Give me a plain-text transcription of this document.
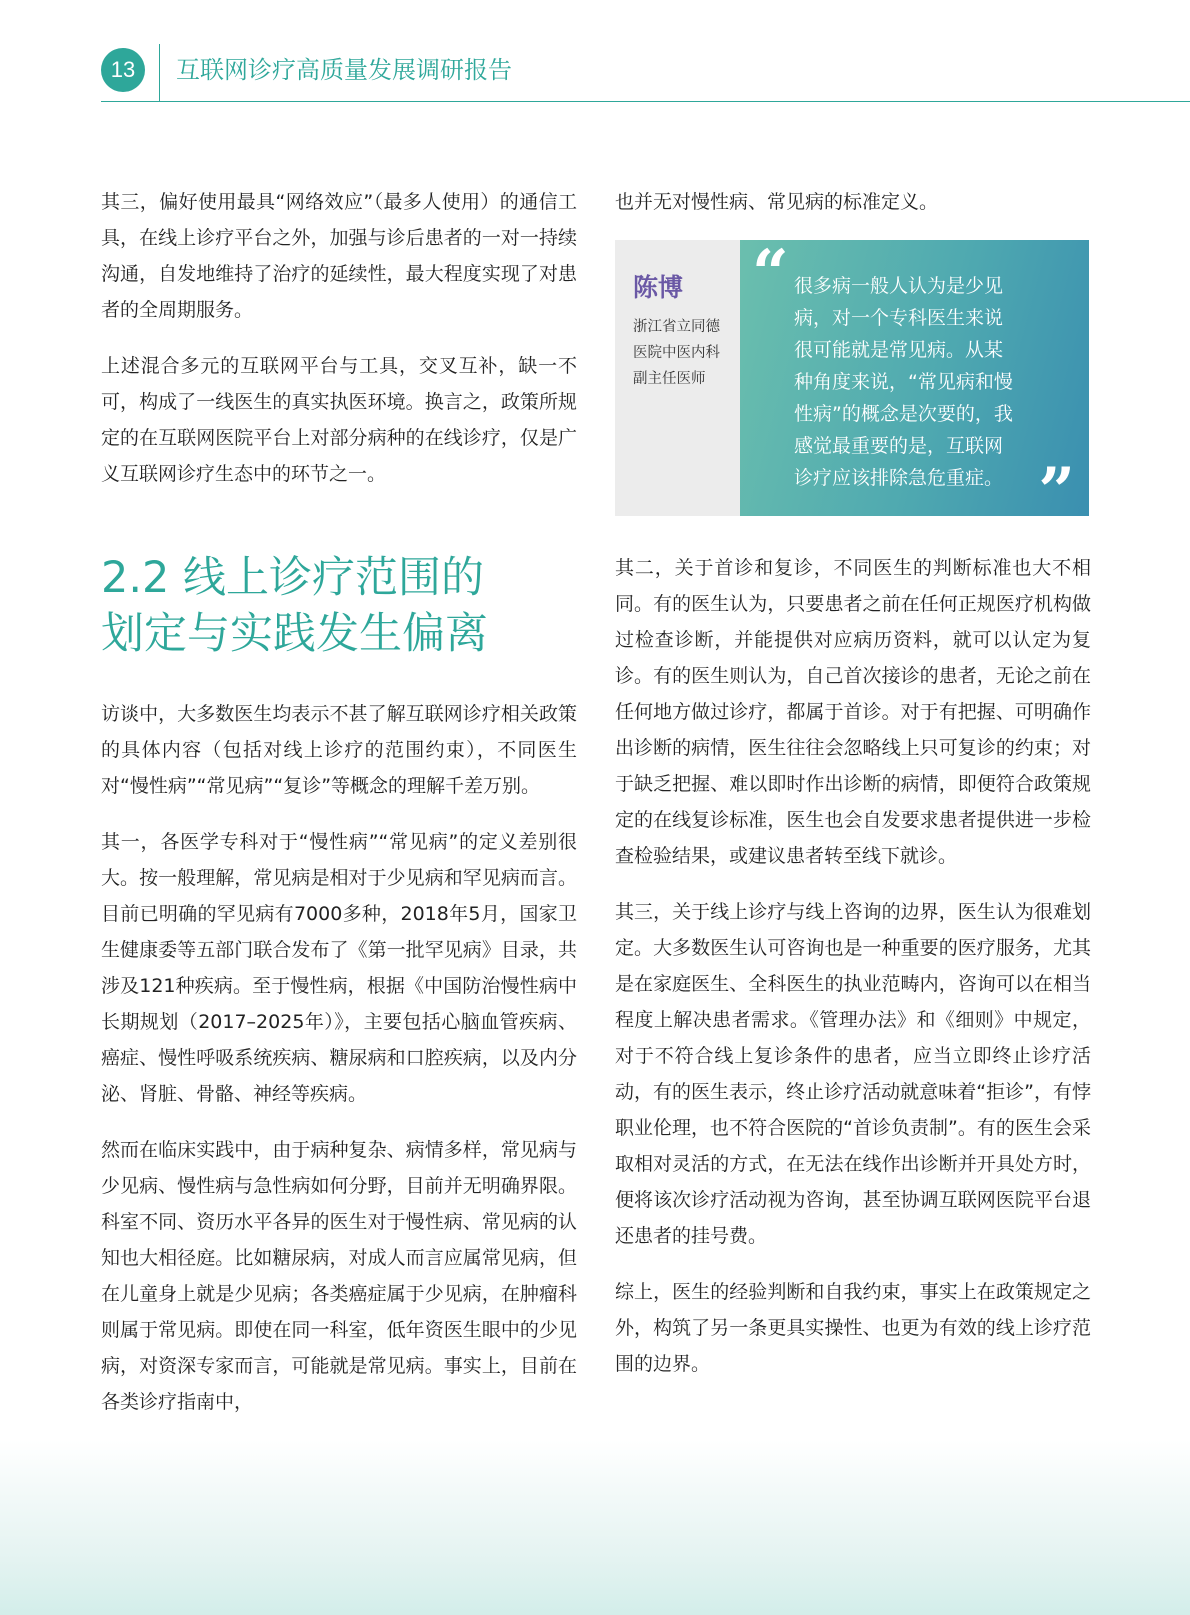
13	互联网诊疗高质量发展调研报告

其三，偏好使用最具“网络效应”（最多人使用）的通信工具，在线上诊疗平台之外，加强与诊后患者的一对一持续沟通，自发地维持了治疗的延续性，最大程度实现了对患者的全周期服务。

上述混合多元的互联网平台与工具，交叉互补，缺一不可，构成了一线医生的真实执医环境。换言之，政策所规定的在互联网医院平台上对部分病种的在线诊疗，仅是广义互联网诊疗生态中的环节之一。

2.2 线上诊疗范围的
划定与实践发生偏离

访谈中，大多数医生均表示不甚了解互联网诊疗相关政策的具体内容（包括对线上诊疗的范围约束），不同医生对“慢性病”“常见病”“复诊”等概念的理解千差万别。

其一，各医学专科对于“慢性病”“常见病”的定义差别很大。按一般理解，常见病是相对于少见病和罕见病而言。目前已明确的罕见病有7000多种，2018年5月，国家卫生健康委等五部门联合发布了《第一批罕见病》目录，共涉及121种疾病。至于慢性病，根据《中国防治慢性病中长期规划（2017–2025年）》，主要包括心脑血管疾病、癌症、慢性呼吸系统疾病、糖尿病和口腔疾病，以及内分泌、肾脏、骨骼、神经等疾病。

然而在临床实践中，由于病种复杂、病情多样，常见病与少见病、慢性病与急性病如何分野，目前并无明确界限。科室不同、资历水平各异的医生对于慢性病、常见病的认知也大相径庭。比如糖尿病，对成人而言应属常见病，但在儿童身上就是少见病；各类癌症属于少见病，在肿瘤科则属于常见病。即使在同一科室，低年资医生眼中的少见病，对资深专家而言，可能就是常见病。事实上，目前在各类诊疗指南中，

也并无对慢性病、常见病的标准定义。

陈博
浙江省立同德
医院中医内科
副主任医师
“ 很多病一般人认为是少见
病，对一个专科医生来说
很可能就是常见病。从某
种角度来说，“常见病和慢
性病”的概念是次要的，我
感觉最重要的是，互联网
诊疗应该排除急危重症。 ”

其二，关于首诊和复诊，不同医生的判断标准也大不相同。有的医生认为，只要患者之前在任何正规医疗机构做过检查诊断，并能提供对应病历资料，就可以认定为复诊。有的医生则认为，自己首次接诊的患者，无论之前在任何地方做过诊疗，都属于首诊。对于有把握、可明确作出诊断的病情，医生往往会忽略线上只可复诊的约束；对于缺乏把握、难以即时作出诊断的病情，即便符合政策规定的在线复诊标准，医生也会自发要求患者提供进一步检查检验结果，或建议患者转至线下就诊。

其三，关于线上诊疗与线上咨询的边界，医生认为很难划定。大多数医生认可咨询也是一种重要的医疗服务，尤其是在家庭医生、全科医生的执业范畴内，咨询可以在相当程度上解决患者需求。《管理办法》和《细则》中规定，对于不符合线上复诊条件的患者，应当立即终止诊疗活动，有的医生表示，终止诊疗活动就意味着“拒诊”，有悖职业伦理，也不符合医院的“首诊负责制”。有的医生会采取相对灵活的方式，在无法在线作出诊断并开具处方时，便将该次诊疗活动视为咨询，甚至协调互联网医院平台退还患者的挂号费。

综上，医生的经验判断和自我约束，事实上在政策规定之外，构筑了另一条更具实操性、也更为有效的线上诊疗范围的边界。
